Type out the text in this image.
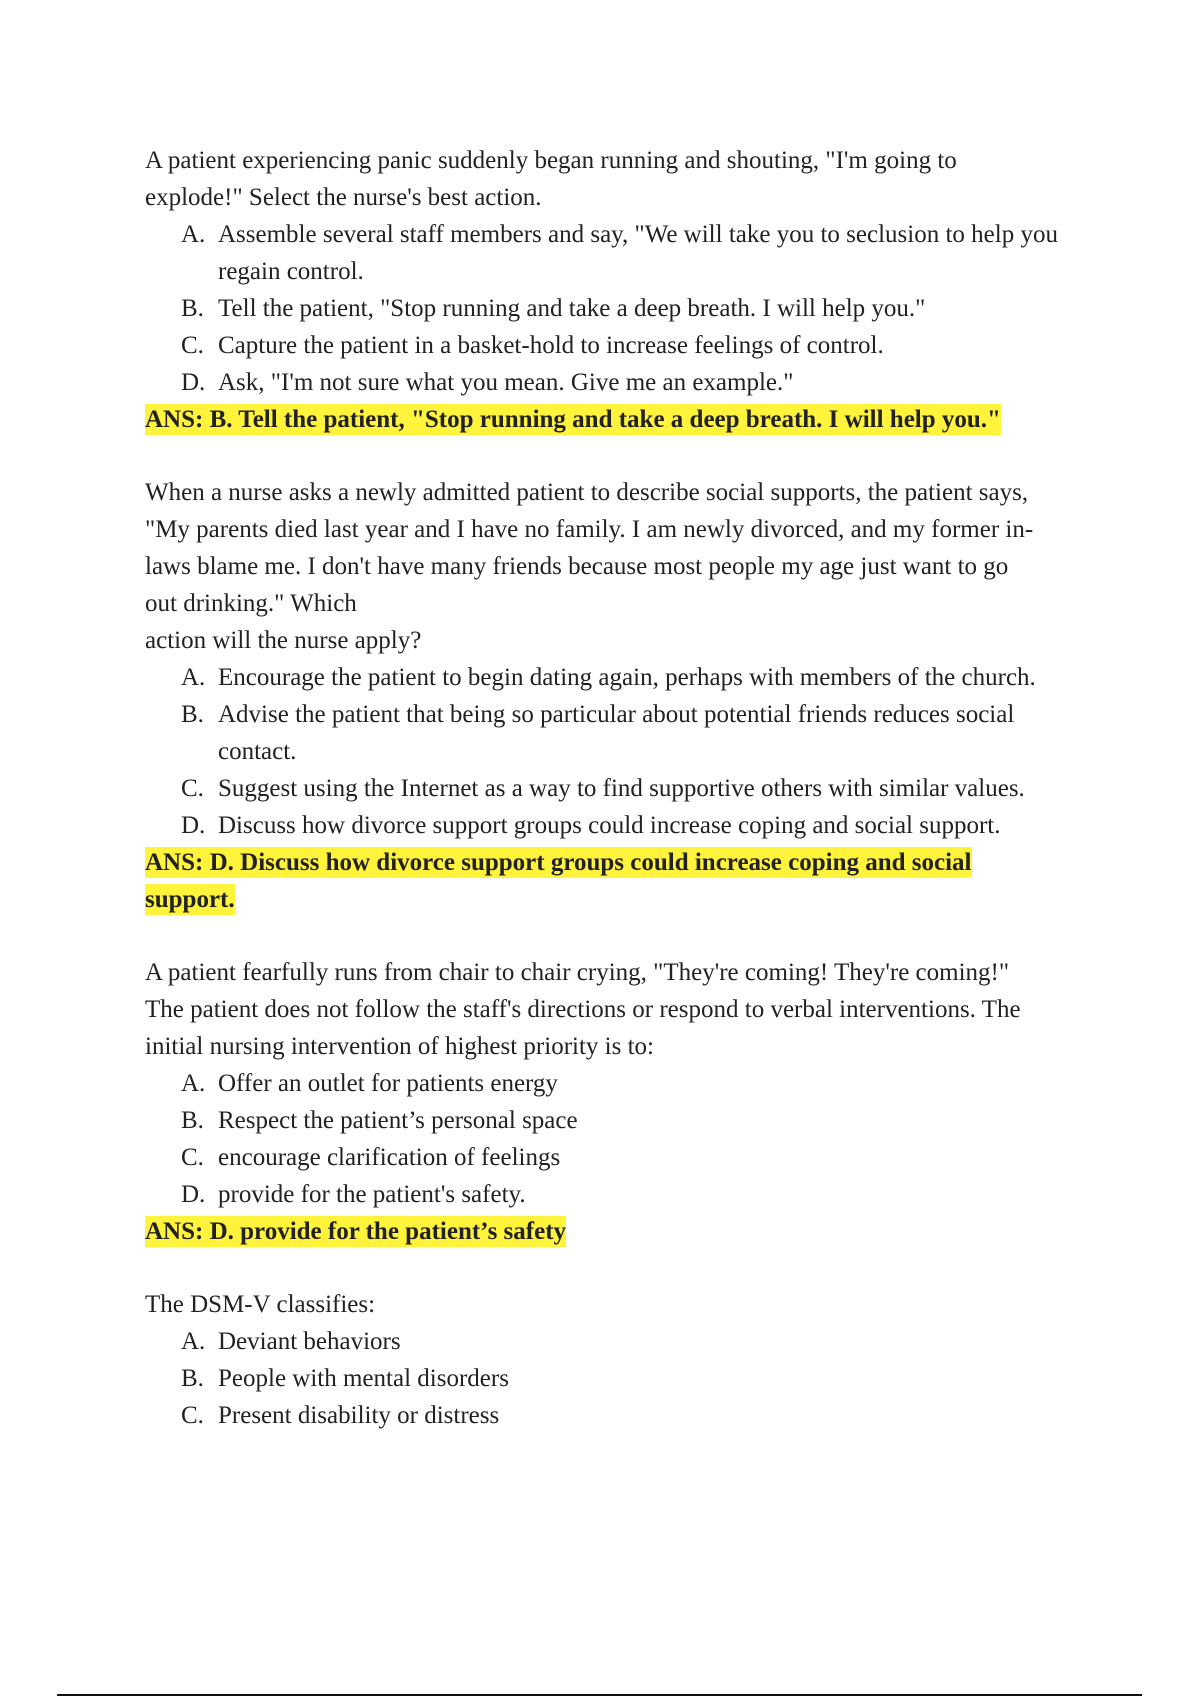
A patient experiencing panic suddenly began running and shouting, "I'm going to
explode!" Select the nurse's best action.

A. Assemble several staff members and say, "We will take you to seclusion to help you regain control.
B. Tell the patient, "Stop running and take a deep breath. I will help you."
C. Capture the patient in a basket-hold to increase feelings of control.
D. Ask, "I'm not sure what you mean. Give me an example."

ANS: B. Tell the patient, "Stop running and take a deep breath. I will help you."

When a nurse asks a newly admitted patient to describe social supports, the patient says,
"My parents died last year and I have no family. I am newly divorced, and my former in-
laws blame me. I don't have many friends because most people my age just want to go
out drinking." Which
action will the nurse apply?

A. Encourage the patient to begin dating again, perhaps with members of the church.
B. Advise the patient that being so particular about potential friends reduces social contact.
C. Suggest using the Internet as a way to find supportive others with similar values.
D. Discuss how divorce support groups could increase coping and social support.

ANS: D. Discuss how divorce support groups could increase coping and social support.

A patient fearfully runs from chair to chair crying, "They're coming! They're coming!"
The patient does not follow the staff's directions or respond to verbal interventions. The
initial nursing intervention of highest priority is to:

A. Offer an outlet for patients energy
B. Respect the patient’s personal space
C. encourage clarification of feelings
D. provide for the patient's safety.

ANS: D. provide for the patient’s safety

The DSM-V classifies:

A. Deviant behaviors
B. People with mental disorders
C. Present disability or distress
